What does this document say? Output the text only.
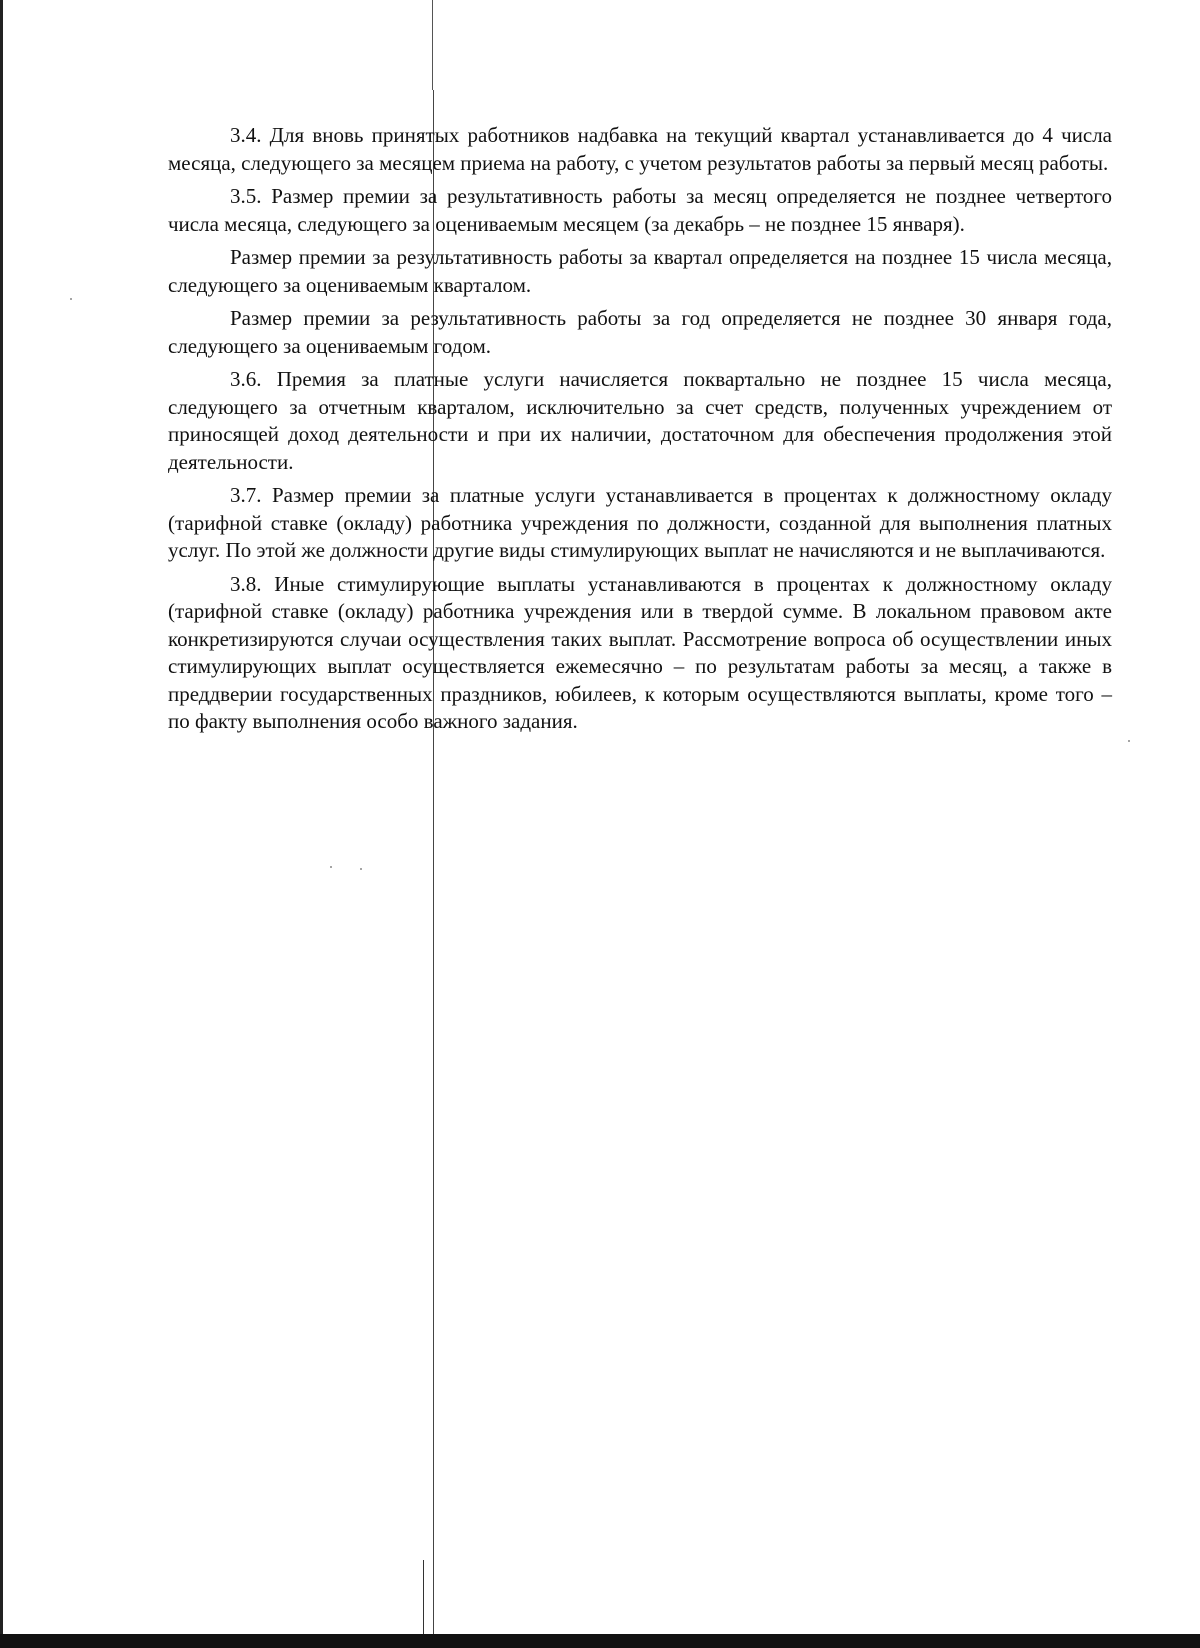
3.4. Для вновь принятых работников надбавка на текущий квартал устанавливается до 4 числа месяца, следующего за месяцем приема на работу, с учетом результатов работы за первый месяц работы.

3.5. Размер премии за результативность работы за месяц определяется не позднее четвертого числа месяца, следующего за оцениваемым месяцем (за декабрь – не позднее 15 января).

Размер премии за результативность работы за квартал определяется на позднее 15 числа месяца, следующего за оцениваемым кварталом.

Размер премии за результативность работы за год определяется не позднее 30 января года, следующего за оцениваемым годом.

3.6. Премия за платные услуги начисляется поквартально не позднее 15 числа месяца, следующего за отчетным кварталом, исключительно за счет средств, полученных учреждением от приносящей доход деятельности и при их наличии, достаточном для обеспечения продолжения этой деятельности.

3.7. Размер премии за платные услуги устанавливается в процентах к должностному окладу (тарифной ставке (окладу) работника учреждения по должности, созданной для выполнения платных услуг. По этой же должности другие виды стимулирующих выплат не начисляются и не выплачиваются.

3.8. Иные стимулирующие выплаты устанавливаются в процентах к должностному окладу (тарифной ставке (окладу) работника учреждения или в твердой сумме. В локальном правовом акте конкретизируются случаи осуществления таких выплат. Рассмотрение вопроса об осуществлении иных стимулирующих выплат осуществляется ежемесячно – по результатам работы за месяц, а также в преддверии государственных праздников, юбилеев, к которым осуществляются выплаты, кроме того – по факту выполнения особо важного задания.
